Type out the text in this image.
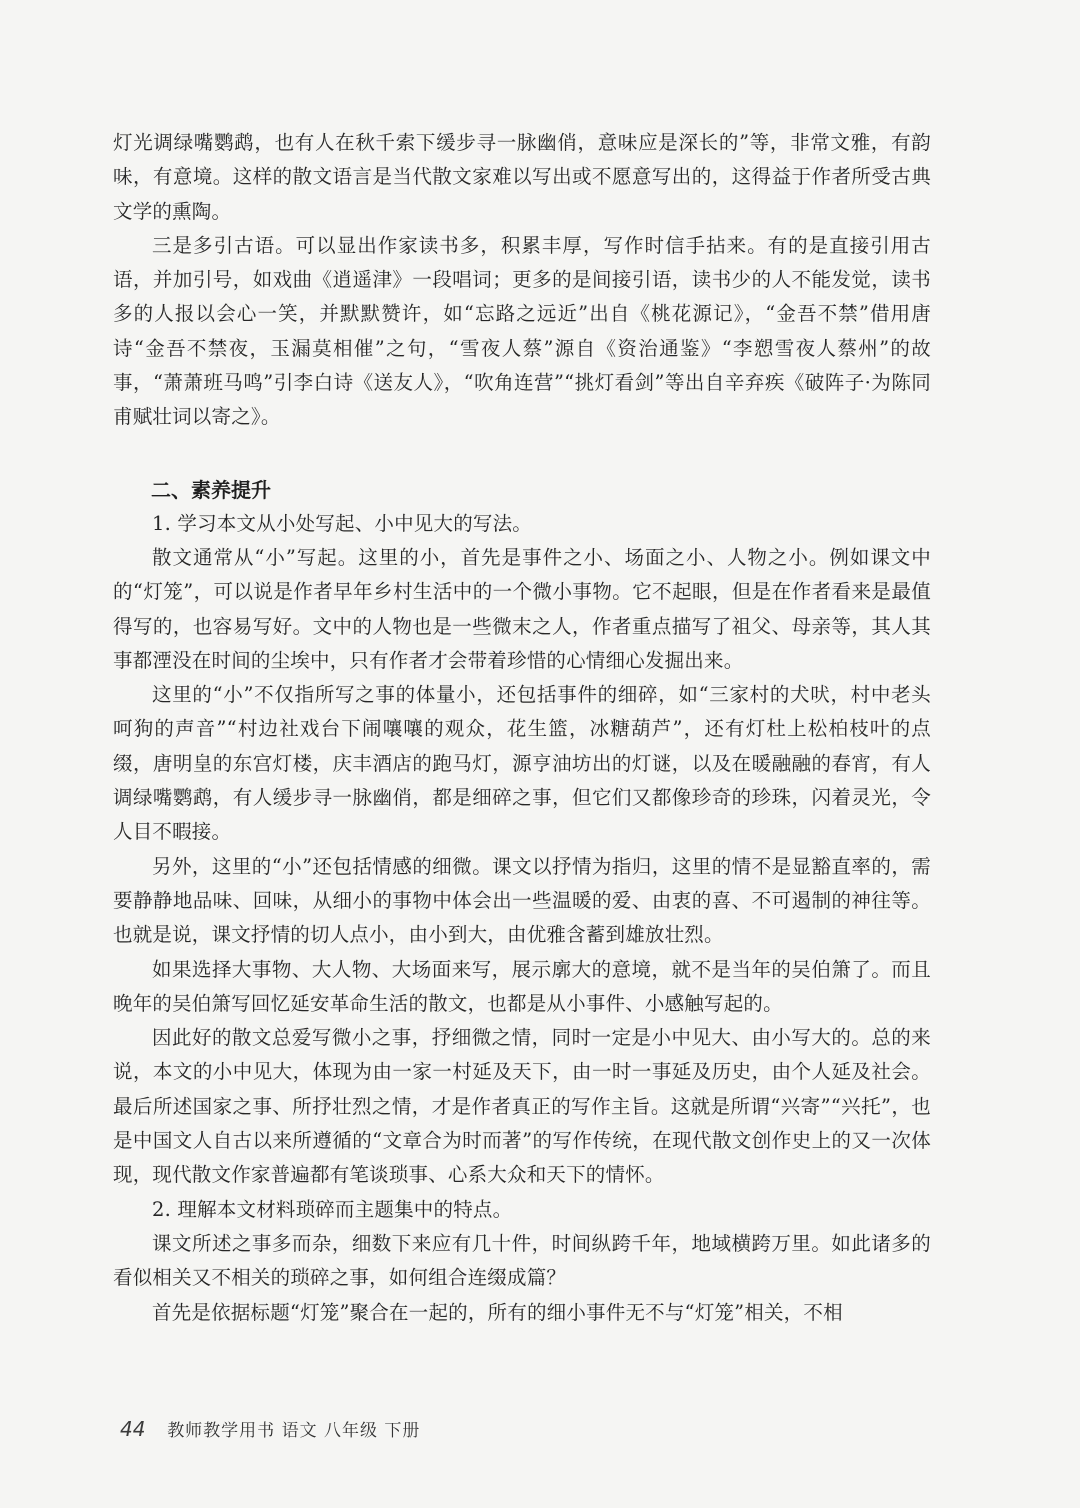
灯光调绿嘴鹦鹉，也有人在秋千索下缓步寻一脉幽俏，意味应是深长的”等，非常文雅，有韵味，有意境。这样的散文语言是当代散文家难以写出或不愿意写出的，这得益于作者所受古典文学的熏陶。

三是多引古语。可以显出作家读书多，积累丰厚，写作时信手拈来。有的是直接引用古语，并加引号，如戏曲《逍遥津》一段唱词；更多的是间接引语，读书少的人不能发觉，读书多的人报以会心一笑，并默默赞许，如“忘路之远近”出自《桃花源记》，“金吾不禁”借用唐诗“金吾不禁夜，玉漏莫相催”之句，“雪夜人蔡”源自《资治通鉴》“李愬雪夜人蔡州”的故事，“萧萧班马鸣”引李白诗《送友人》，“吹角连营”“挑灯看剑”等出自辛弃疾《破阵子·为陈同甫赋壮词以寄之》。

二、素养提升

1. 学习本文从小处写起、小中见大的写法。

散文通常从“小”写起。这里的小，首先是事件之小、场面之小、人物之小。例如课文中的“灯笼”，可以说是作者早年乡村生活中的一个微小事物。它不起眼，但是在作者看来是最值得写的，也容易写好。文中的人物也是一些微末之人，作者重点描写了祖父、母亲等，其人其事都湮没在时间的尘埃中，只有作者才会带着珍惜的心情细心发掘出来。

这里的“小”不仅指所写之事的体量小，还包括事件的细碎，如“三家村的犬吠，村中老头呵狗的声音”“村边社戏台下闹嚷嚷的观众，花生篮，冰糖葫芦”，还有灯杜上松柏枝叶的点缀，唐明皇的东宫灯楼，庆丰酒店的跑马灯，源亨油坊出的灯谜，以及在暖融融的春宵，有人调绿嘴鹦鹉，有人缓步寻一脉幽俏，都是细碎之事，但它们又都像珍奇的珍珠，闪着灵光，令人目不暇接。

另外，这里的“小”还包括情感的细微。课文以抒情为指归，这里的情不是显豁直率的，需要静静地品味、回味，从细小的事物中体会出一些温暖的爱、由衷的喜、不可遏制的神往等。也就是说，课文抒情的切人点小，由小到大，由优雅含蓄到雄放壮烈。

如果选择大事物、大人物、大场面来写，展示廓大的意境，就不是当年的吴伯箫了。而且晚年的吴伯箫写回忆延安革命生活的散文，也都是从小事件、小感触写起的。

因此好的散文总爱写微小之事，抒细微之情，同时一定是小中见大、由小写大的。总的来说，本文的小中见大，体现为由一家一村延及天下，由一时一事延及历史，由个人延及社会。最后所述国家之事、所抒壮烈之情，才是作者真正的写作主旨。这就是所谓“兴寄”“兴托”，也是中国文人自古以来所遵循的“文章合为时而著”的写作传统，在现代散文创作史上的又一次体现，现代散文作家普遍都有笔谈琐事、心系大众和天下的情怀。

2. 理解本文材料琐碎而主题集中的特点。

课文所述之事多而杂，细数下来应有几十件，时间纵跨千年，地域横跨万里。如此诸多的看似相关又不相关的琐碎之事，如何组合连缀成篇？

首先是依据标题“灯笼”聚合在一起的，所有的细小事件无不与“灯笼”相关，不相

44 教师教学用书 语文 八年级 下册
